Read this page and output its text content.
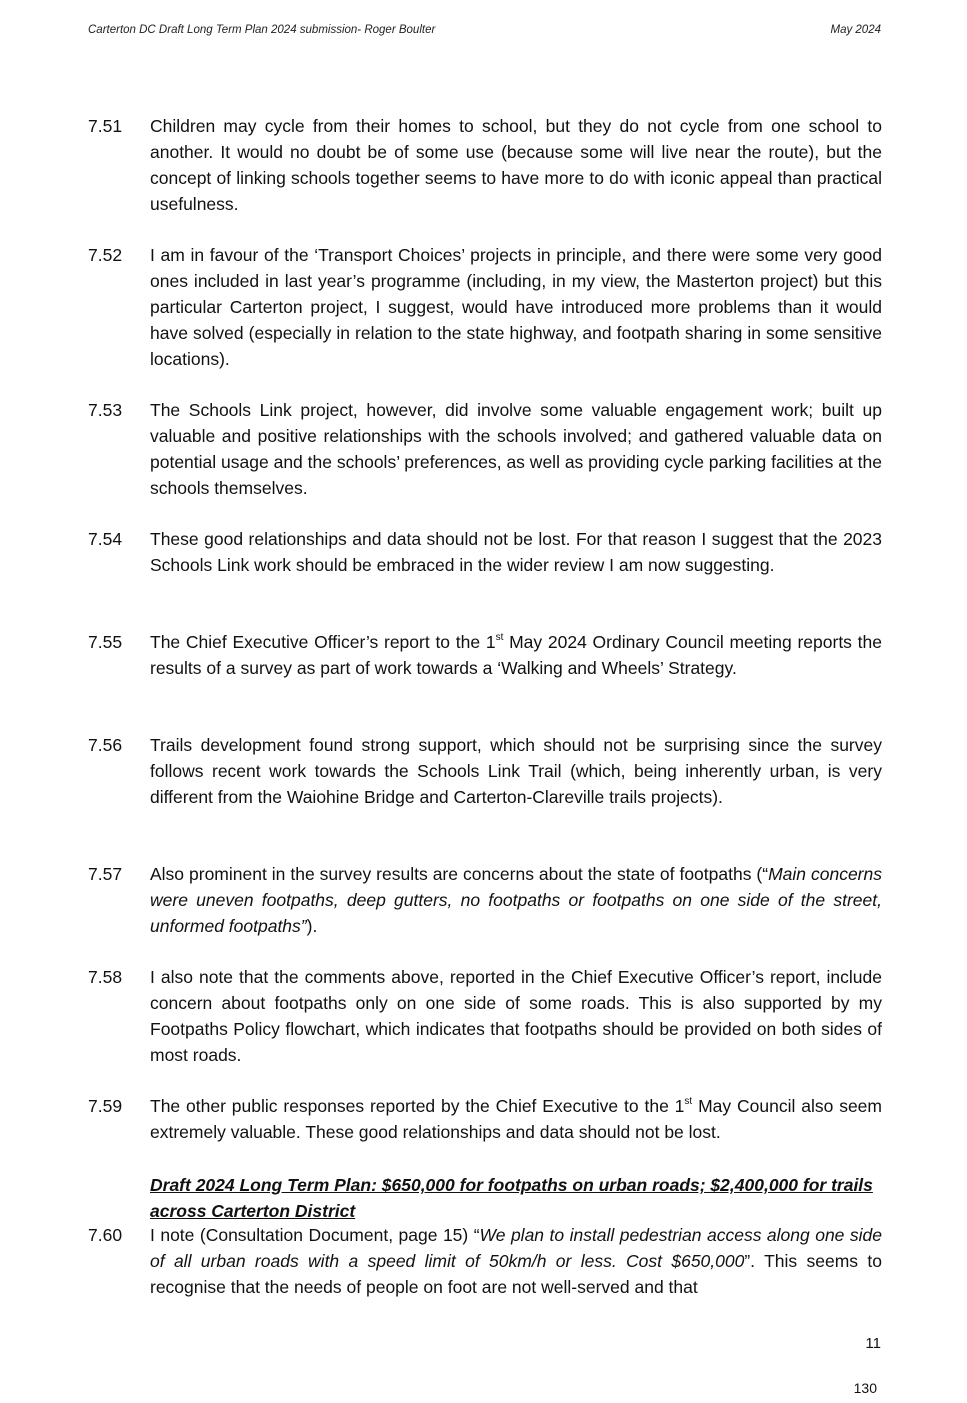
Carterton DC Draft Long Term Plan 2024 submission- Roger Boulter	May 2024
7.51 Children may cycle from their homes to school, but they do not cycle from one school to another. It would no doubt be of some use (because some will live near the route), but the concept of linking schools together seems to have more to do with iconic appeal than practical usefulness.
7.52 I am in favour of the ‘Transport Choices’ projects in principle, and there were some very good ones included in last year’s programme (including, in my view, the Masterton project) but this particular Carterton project, I suggest, would have introduced more problems than it would have solved (especially in relation to the state highway, and footpath sharing in some sensitive locations).
7.53 The Schools Link project, however, did involve some valuable engagement work; built up valuable and positive relationships with the schools involved; and gathered valuable data on potential usage and the schools’ preferences, as well as providing cycle parking facilities at the schools themselves.
7.54 These good relationships and data should not be lost. For that reason I suggest that the 2023 Schools Link work should be embraced in the wider review I am now suggesting.
7.55 The Chief Executive Officer’s report to the 1st May 2024 Ordinary Council meeting reports the results of a survey as part of work towards a ‘Walking and Wheels’ Strategy.
7.56 Trails development found strong support, which should not be surprising since the survey follows recent work towards the Schools Link Trail (which, being inherently urban, is very different from the Waiohine Bridge and Carterton-Clareville trails projects).
7.57 Also prominent in the survey results are concerns about the state of footpaths (“Main concerns were uneven footpaths, deep gutters, no footpaths or footpaths on one side of the street, unformed footpaths”).
7.58 I also note that the comments above, reported in the Chief Executive Officer’s report, include concern about footpaths only on one side of some roads. This is also supported by my Footpaths Policy flowchart, which indicates that footpaths should be provided on both sides of most roads.
7.59 The other public responses reported by the Chief Executive to the 1st May Council also seem extremely valuable. These good relationships and data should not be lost.
Draft 2024 Long Term Plan: $650,000 for footpaths on urban roads; $2,400,000 for trails across Carterton District
7.60 I note (Consultation Document, page 15) “We plan to install pedestrian access along one side of all urban roads with a speed limit of 50km/h or less. Cost $650,000”. This seems to recognise that the needs of people on foot are not well-served and that
11
130
